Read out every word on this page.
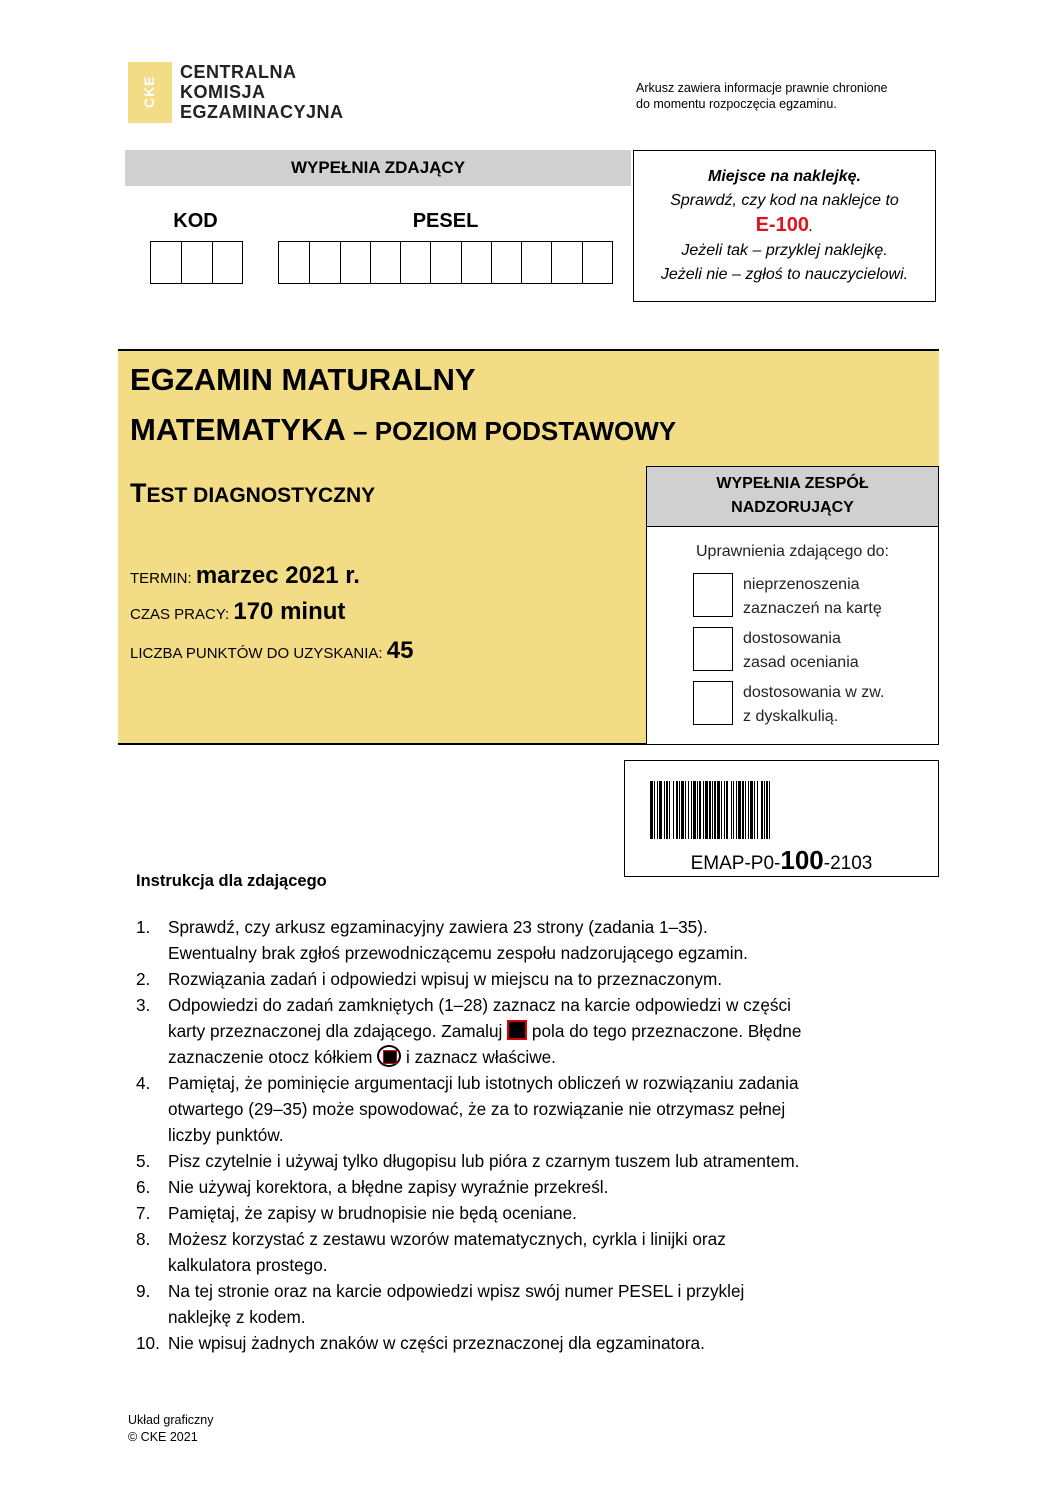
CKE
CENTRALNA
KOMISJA
EGZAMINACYJNA
Arkusz zawiera informacje prawnie chronione
do momentu rozpoczęcia egzaminu.
WYPEŁNIA ZDAJĄCY
KOD	PESEL
Miejsce na naklejkę.
Sprawdź, czy kod na naklejce to
E-100.
Jeżeli tak – przyklej naklejkę.
Jeżeli nie – zgłoś to nauczycielowi.
EGZAMIN MATURALNY
MATEMATYKA – POZIOM PODSTAWOWY
TEST DIAGNOSTYCZNY
TERMIN: marzec 2021 r.
CZAS PRACY: 170 minut
LICZBA PUNKTÓW DO UZYSKANIA: 45
WYPEŁNIA ZESPÓŁ
NADZORUJĄCY
Uprawnienia zdającego do:
nieprzenoszenia
zaznaczeń na kartę
dostosowania
zasad oceniania
dostosowania w zw.
z dyskalkulią.
EMAP-P0-100-2103
Instrukcja dla zdającego
1.	Sprawdź, czy arkusz egzaminacyjny zawiera 23 strony (zadania 1–35).
Ewentualny brak zgłoś przewodniczącemu zespołu nadzorującego egzamin.
2.	Rozwiązania zadań i odpowiedzi wpisuj w miejscu na to przeznaczonym.
3.	Odpowiedzi do zadań zamkniętych (1–28) zaznacz na karcie odpowiedzi w części
karty przeznaczonej dla zdającego. Zamaluj  pola do tego przeznaczone. Błędne
zaznaczenie otocz kółkiem  i zaznacz właściwe.
4.	Pamiętaj, że pominięcie argumentacji lub istotnych obliczeń w rozwiązaniu zadania
otwartego (29–35) może spowodować, że za to rozwiązanie nie otrzymasz pełnej
liczby punktów.
5.	Pisz czytelnie i używaj tylko długopisu lub pióra z czarnym tuszem lub atramentem.
6.	Nie używaj korektora, a błędne zapisy wyraźnie przekreśl.
7.	Pamiętaj, że zapisy w brudnopisie nie będą oceniane.
8.	Możesz korzystać z zestawu wzorów matematycznych, cyrkla i linijki oraz
kalkulatora prostego.
9.	Na tej stronie oraz na karcie odpowiedzi wpisz swój numer PESEL i przyklej
naklejkę z kodem.
10. Nie wpisuj żadnych znaków w części przeznaczonej dla egzaminatora.
Układ graficzny
© CKE 2021
